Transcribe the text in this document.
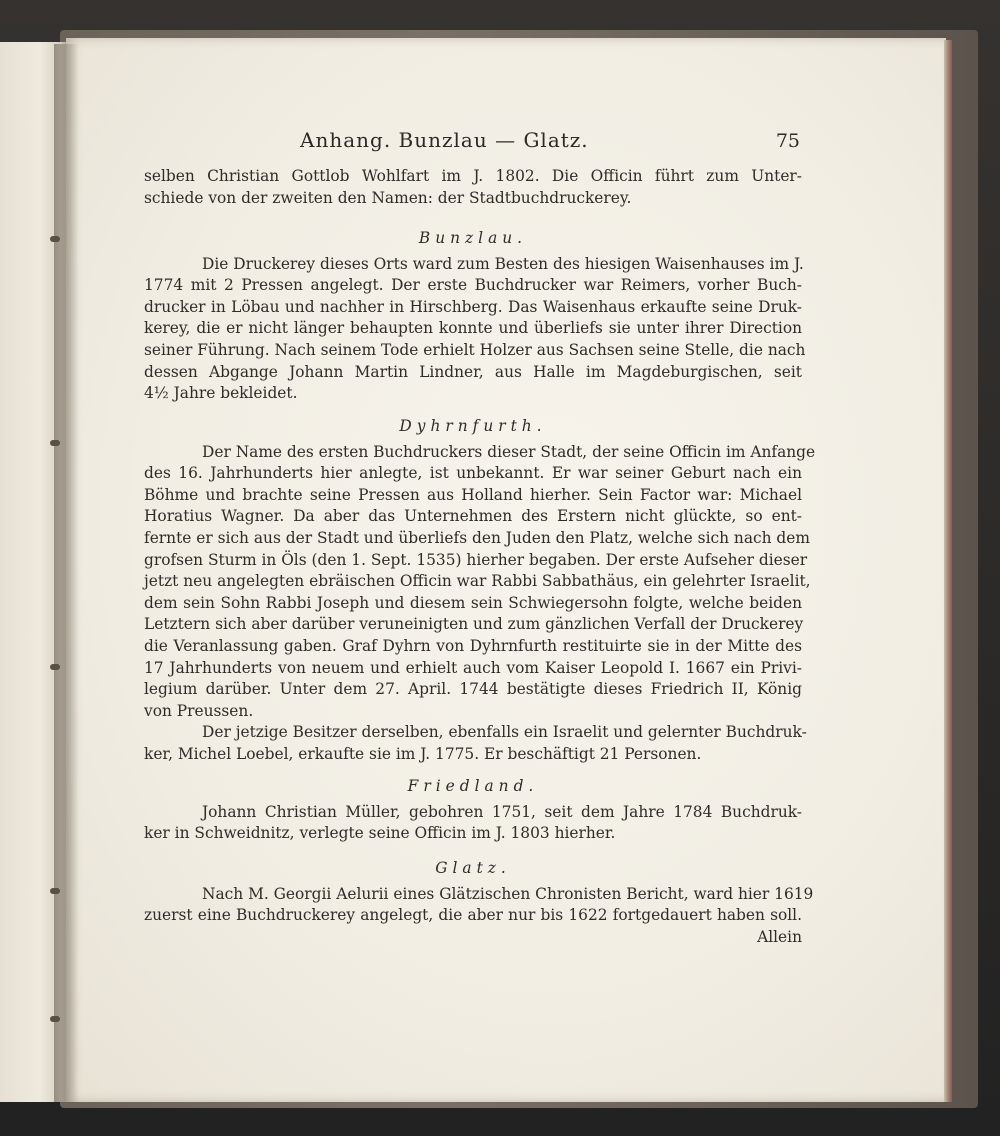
Anhang. Bunzlau — Glatz.	75
selben Christian Gottlob Wohlfart im J. 1802. Die Officin führt zum Unter-
schiede von der zweiten den Namen: der Stadtbuchdruckerey.
Bunzlau.
Die Druckerey dieses Orts ward zum Besten des hiesigen Waisenhauses im J.
1774 mit 2 Pressen angelegt. Der erste Buchdrucker war Reimers, vorher Buch-
drucker in Löbau und nachher in Hirschberg. Das Waisenhaus erkaufte seine Druk-
kerey, die er nicht länger behaupten konnte und überliefs sie unter ihrer Direction
seiner Führung. Nach seinem Tode erhielt Holzer aus Sachsen seine Stelle, die nach
dessen Abgange Johann Martin Lindner, aus Halle im Magdeburgischen, seit
4½ Jahre bekleidet.
Dyhrnfurth.
Der Name des ersten Buchdruckers dieser Stadt, der seine Officin im Anfange
des 16. Jahrhunderts hier anlegte, ist unbekannt. Er war seiner Geburt nach ein
Böhme und brachte seine Pressen aus Holland hierher. Sein Factor war: Michael
Horatius Wagner. Da aber das Unternehmen des Erstern nicht glückte, so ent-
fernte er sich aus der Stadt und überliefs den Juden den Platz, welche sich nach dem
grofsen Sturm in Öls (den 1. Sept. 1535) hierher begaben. Der erste Aufseher dieser
jetzt neu angelegten ebräischen Officin war Rabbi Sabbathäus, ein gelehrter Israelit,
dem sein Sohn Rabbi Joseph und diesem sein Schwiegersohn folgte, welche beiden
Letztern sich aber darüber veruneinigten und zum gänzlichen Verfall der Druckerey
die Veranlassung gaben. Graf Dyhrn von Dyhrnfurth restituirte sie in der Mitte des
17 Jahrhunderts von neuem und erhielt auch vom Kaiser Leopold I. 1667 ein Privi-
legium darüber. Unter dem 27. April. 1744 bestätigte dieses Friedrich II, König
von Preussen.
Der jetzige Besitzer derselben, ebenfalls ein Israelit und gelernter Buchdruk-
ker, Michel Loebel, erkaufte sie im J. 1775. Er beschäftigt 21 Personen.
Friedland.
Johann Christian Müller, gebohren 1751, seit dem Jahre 1784 Buchdruk-
ker in Schweidnitz, verlegte seine Officin im J. 1803 hierher.
Glatz.
Nach M. Georgii Aelurii eines Glätzischen Chronisten Bericht, ward hier 1619
zuerst eine Buchdruckerey angelegt, die aber nur bis 1622 fortgedauert haben soll.
Allein
